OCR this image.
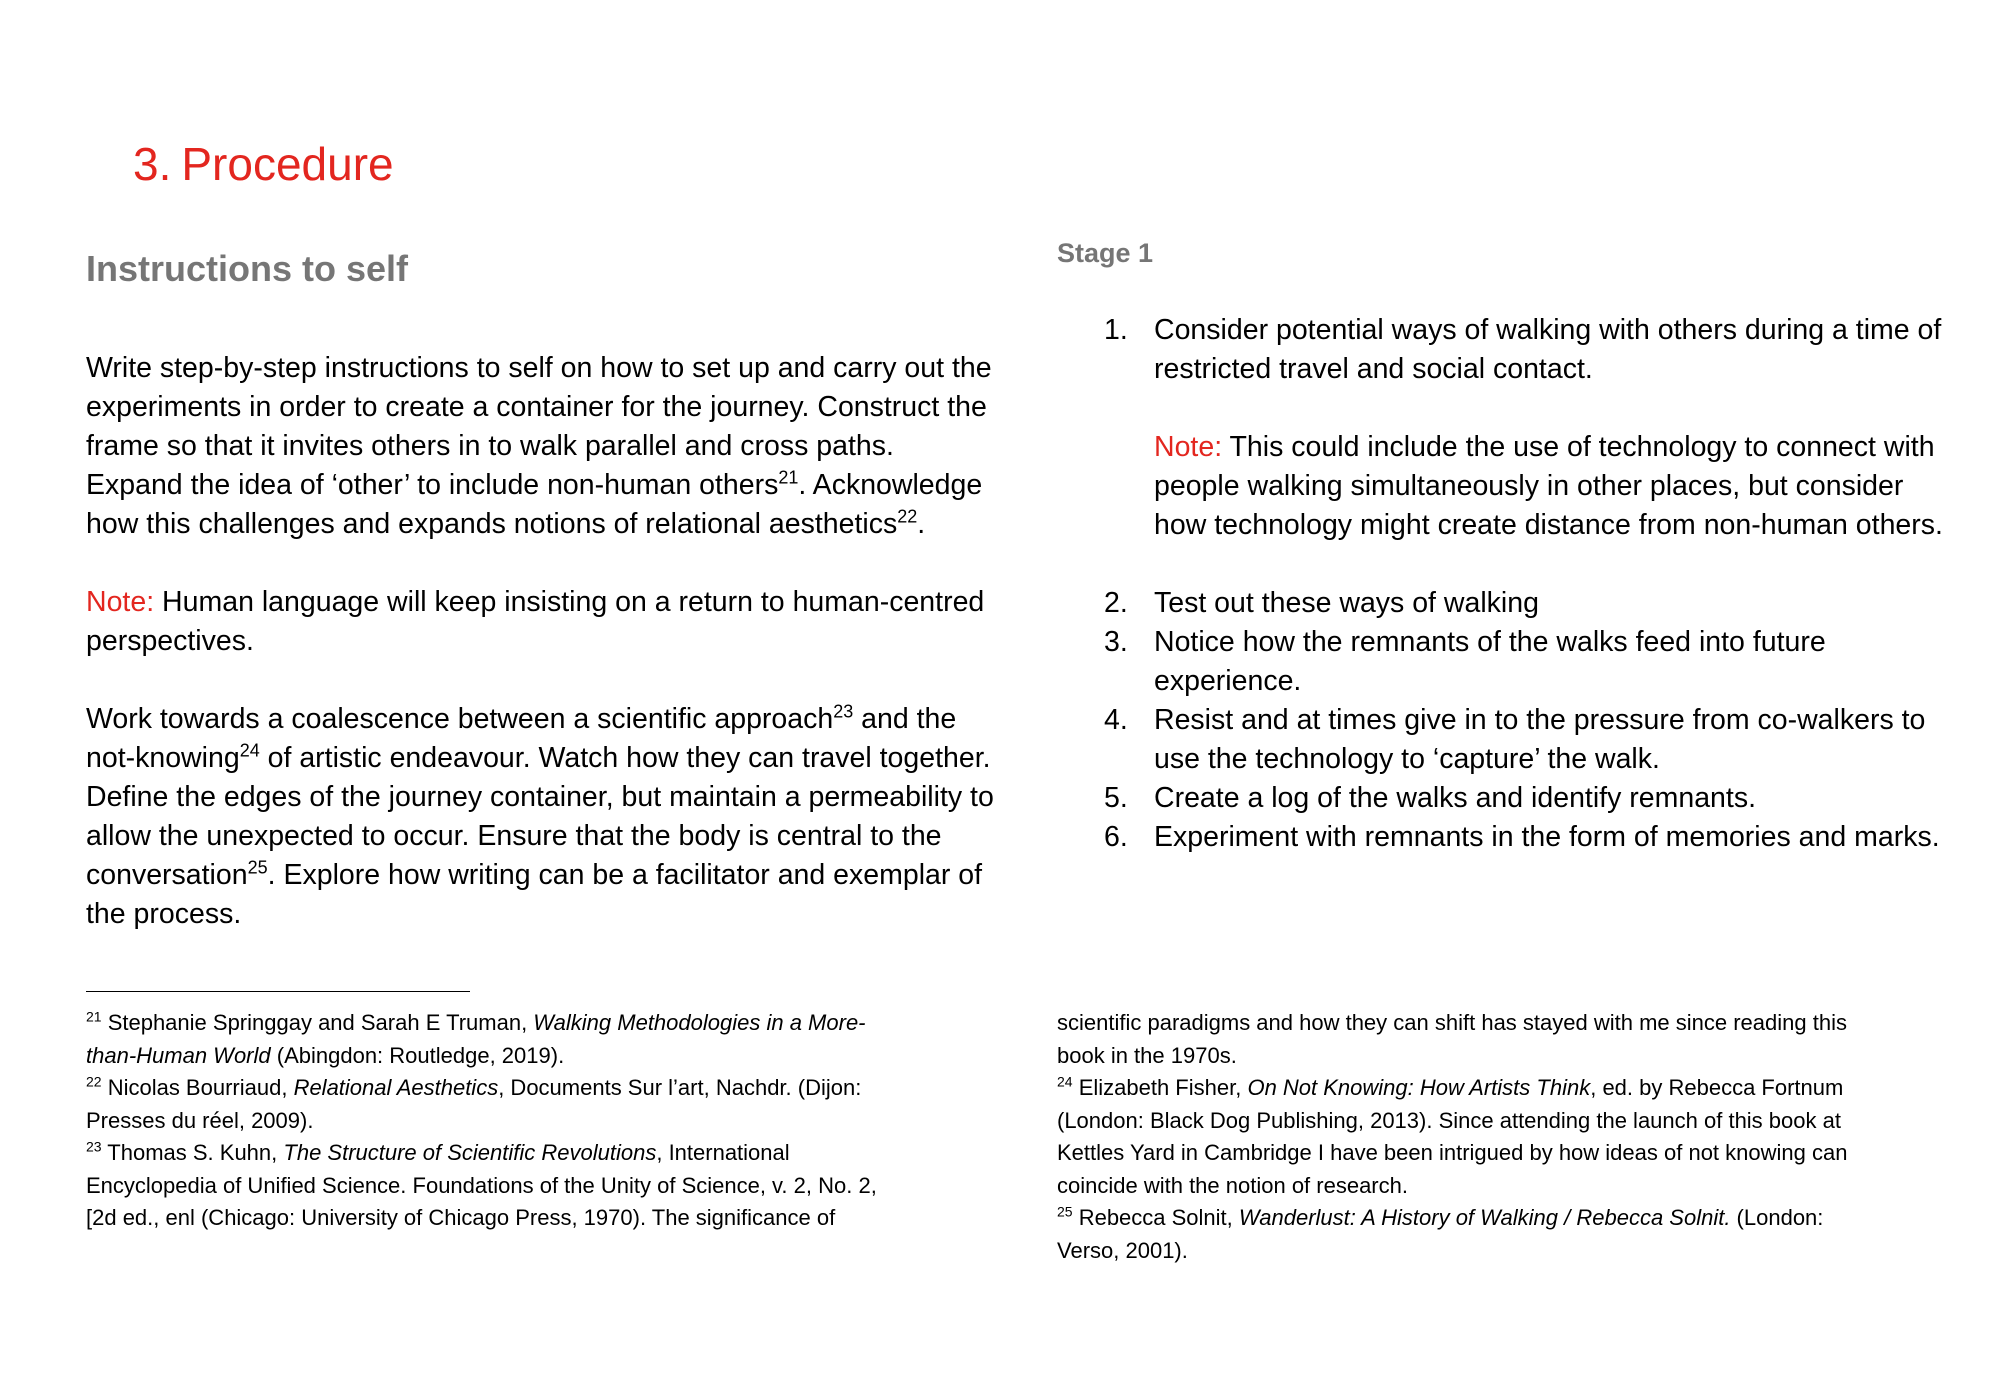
3. Procedure
Instructions to self

Write step-by-step instructions to self on how to set up and carry out the experiments in order to create a container for the journey. Construct the frame so that it invites others in to walk parallel and cross paths. Expand the idea of ‘other’ to include non-human others$^{21}$. Acknowledge how this challenges and expands notions of relational aesthetics$^{22}$.

Note: Human language will keep insisting on a return to human-centred perspectives.

Work towards a coalescence between a scientific approach$^{23}$ and the not-knowing$^{24}$ of artistic endeavour. Watch how they can travel together. Define the edges of the journey container, but maintain a permeability to allow the unexpected to occur. Ensure that the body is central to the conversation$^{25}$. Explore how writing can be a facilitator and exemplar of the process.

Stage 1
1. Consider potential ways of walking with others during a time of restricted travel and social contact.
Note: This could include the use of technology to connect with people walking simultaneously in other places, but consider how technology might create distance from non-human others.
2. Test out these ways of walking
3. Notice how the remnants of the walks feed into future experience.
4. Resist and at times give in to the pressure from co-walkers to use the technology to ‘capture’ the walk.
5. Create a log of the walks and identify remnants.
6. Experiment with remnants in the form of memories and marks.
$^{21}$ Stephanie Springgay and Sarah E Truman, Walking Methodologies in a More-
than-Human World (Abingdon: Routledge, 2019).
$^{22}$ Nicolas Bourriaud, Relational Aesthetics, Documents Sur l’art, Nachdr. (Dijon:
Presses du réel, 2009).
$^{23}$ Thomas S. Kuhn, The Structure of Scientific Revolutions, International
Encyclopedia of Unified Science. Foundations of the Unity of Science, v. 2, No. 2,
[2d ed., enl (Chicago: University of Chicago Press, 1970). The significance of
scientific paradigms and how they can shift has stayed with me since reading this
book in the 1970s.
$^{24}$ Elizabeth Fisher, On Not Knowing: How Artists Think, ed. by Rebecca Fortnum
(London: Black Dog Publishing, 2013). Since attending the launch of this book at
Kettles Yard in Cambridge I have been intrigued by how ideas of not knowing can
coincide with the notion of research.
$^{25}$ Rebecca Solnit, Wanderlust: A History of Walking / Rebecca Solnit. (London:
Verso, 2001).
